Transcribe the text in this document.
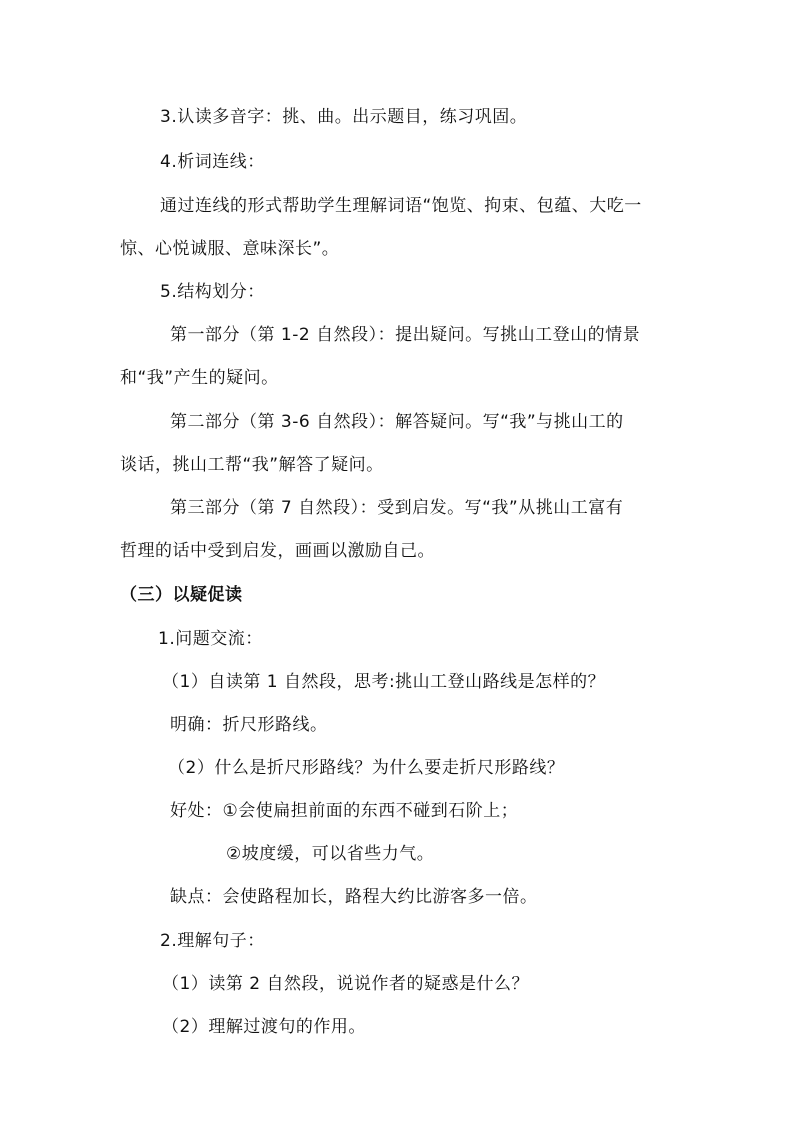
3.认读多音字：挑、曲。出示题目，练习巩固。
4.析词连线：
通过连线的形式帮助学生理解词语“饱览、拘束、包蕴、大吃一
惊、心悦诚服、意味深长”。
5.结构划分：
第一部分（第 1-2 自然段）：提出疑问。写挑山工登山的情景
和“我”产生的疑问。
第二部分（第 3-6 自然段）：解答疑问。写“我”与挑山工的
谈话，挑山工帮“我”解答了疑问。
第三部分（第 7 自然段）：受到启发。写“我”从挑山工富有
哲理的话中受到启发，画画以激励自己。
（三）以疑促读
1.问题交流：
（1）自读第 1 自然段，思考:挑山工登山路线是怎样的？
明确：折尺形路线。
（2）什么是折尺形路线？为什么要走折尺形路线？
好处：①会使扁担前面的东西不碰到石阶上；
②坡度缓，可以省些力气。
缺点：会使路程加长，路程大约比游客多一倍。
2.理解句子：
（1）读第 2 自然段，说说作者的疑惑是什么？
（2）理解过渡句的作用。
